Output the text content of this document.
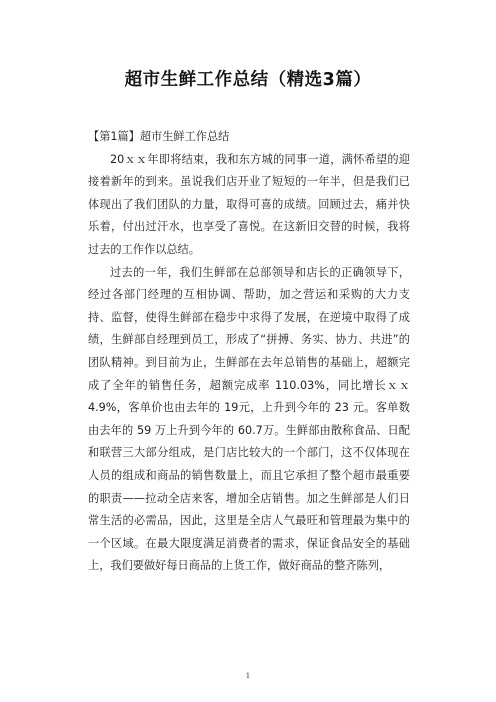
超市生鲜工作总结（精选3篇）

【第1篇】超市生鲜工作总结

20ｘｘ年即将结束，我和东方城的同事一道，满怀希望的迎接着新年的到来。虽说我们店开业了短短的一年半，但是我们已体现出了我们团队的力量，取得可喜的成绩。回顾过去，痛并快乐着，付出过汗水，也享受了喜悦。在这新旧交替的时候，我将过去的工作作以总结。

过去的一年，我们生鲜部在总部领导和店长的正确领导下，经过各部门经理的互相协调、帮助，加之营运和采购的大力支持、监督，使得生鲜部在稳步中求得了发展，在逆境中取得了成绩，生鲜部自经理到员工，形成了“拼搏、务实、协力、共进”的团队精神。到目前为止，生鲜部在去年总销售的基础上，超额完成了全年的销售任务，超额完成率 110.03%，同比增长ｘｘ4.9%，客单价也由去年的 19元，上升到今年的 23 元。客单数由去年的 59 万上升到今年的 60.7万。生鲜部由散称食品、日配和联营三大部分组成，是门店比较大的一个部门，这不仅体现在人员的组成和商品的销售数量上，而且它承担了整个超市最重要的职责——拉动全店来客，增加全店销售。加之生鲜部是人们日常生活的必需品，因此，这里是全店人气最旺和管理最为集中的一个区域。在最大限度满足消费者的需求，保证食品安全的基础上，我们要做好每日商品的上货工作，做好商品的整齐陈列，

1
